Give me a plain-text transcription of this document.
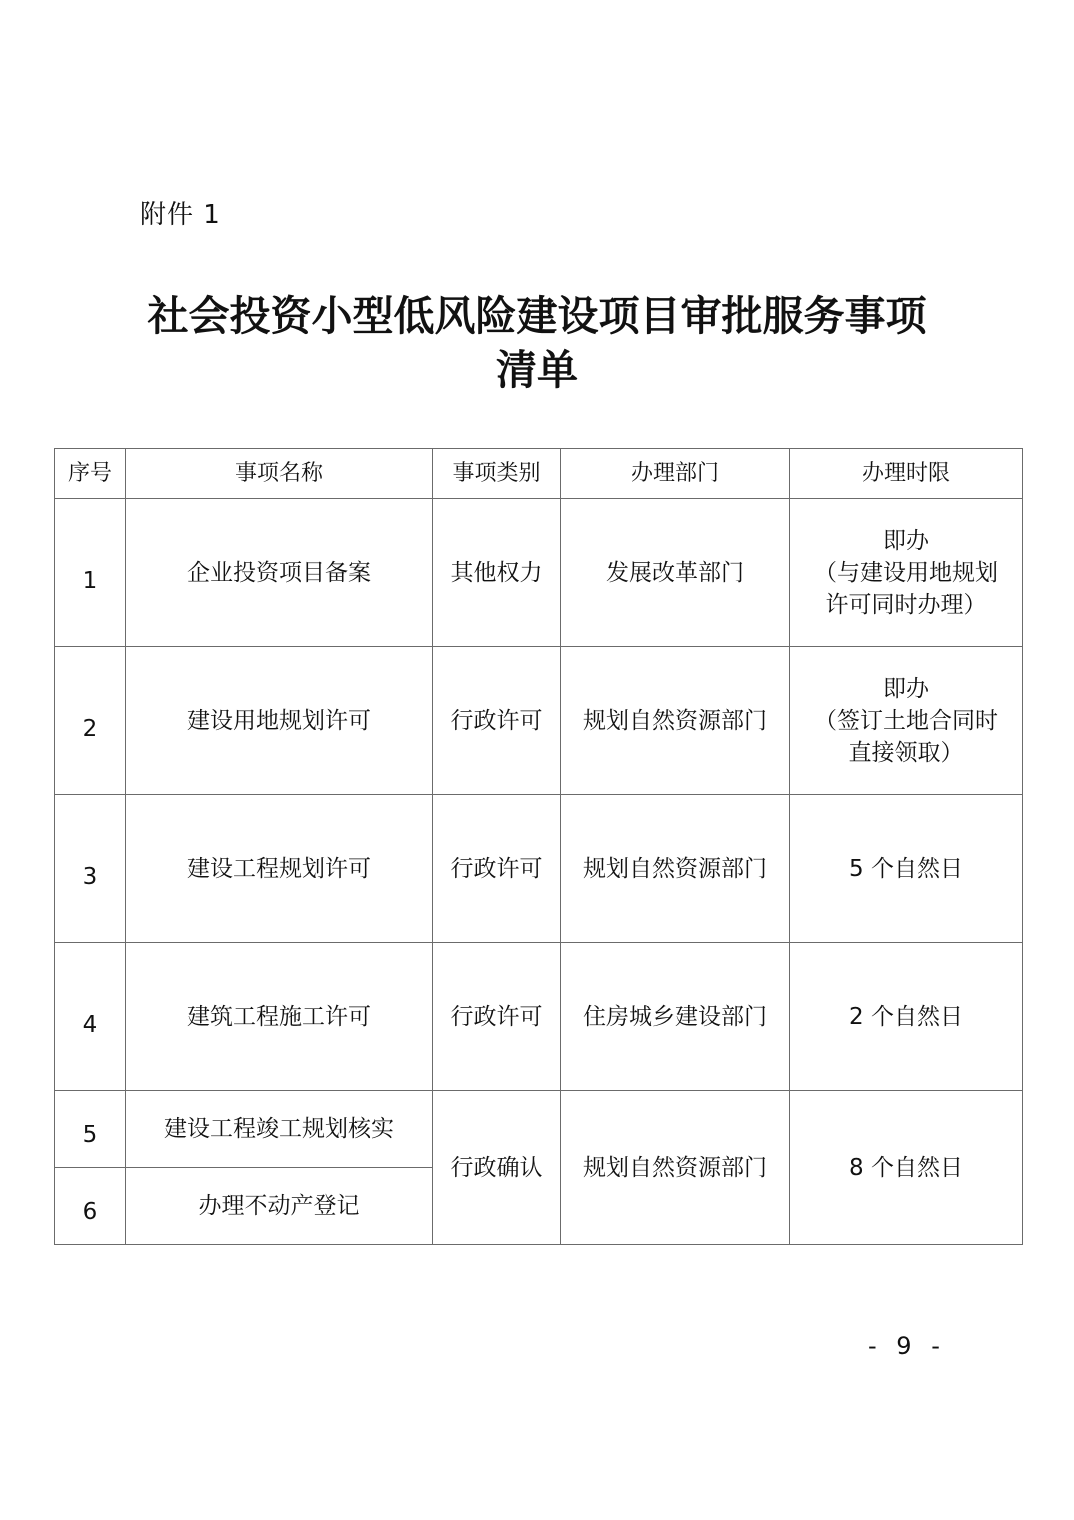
附件 1
社会投资小型低风险建设项目审批服务事项
清单
序号	事项名称	事项类别	办理部门	办理时限
1	企业投资项目备案	其他权力	发展改革部门	即办
（与建设用地规划
许可同时办理）

2	建设用地规划许可	行政许可	规划自然资源部门	即办
（签订土地合同时
直接领取）

3	建设工程规划许可	行政许可	规划自然资源部门	5 个自然日
4	建筑工程施工许可	行政许可	住房城乡建设部门	2 个自然日
5	建设工程竣工规划核实	行政确认	规划自然资源部门	8 个自然日
6	办理不动产登记			
- 9 -
